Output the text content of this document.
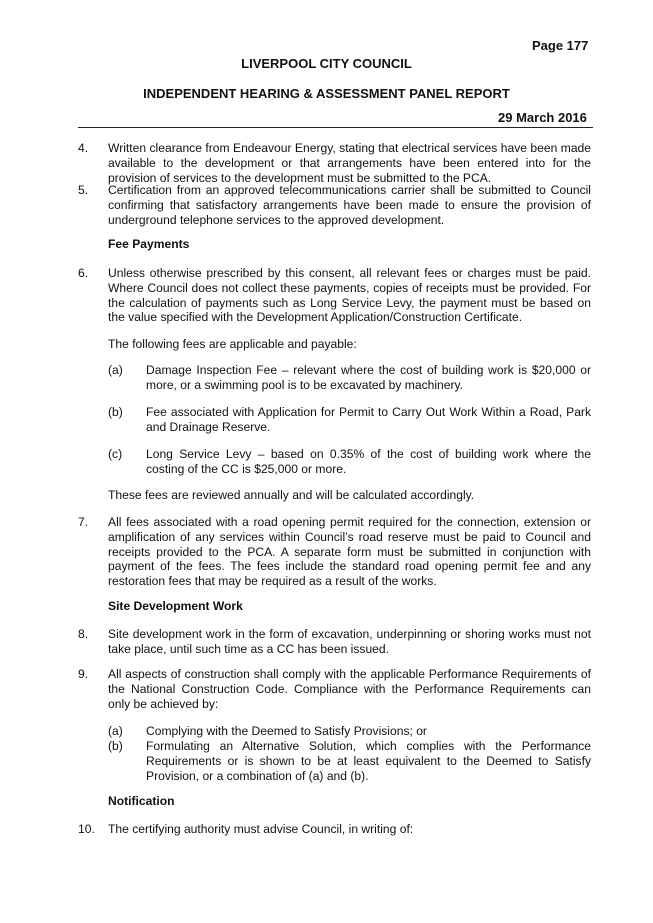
Page 177
LIVERPOOL CITY COUNCIL
INDEPENDENT HEARING & ASSESSMENT PANEL REPORT
29 March 2016
4. Written clearance from Endeavour Energy, stating that electrical services have been made available to the development or that arrangements have been entered into for the provision of services to the development must be submitted to the PCA.
5. Certification from an approved telecommunications carrier shall be submitted to Council confirming that satisfactory arrangements have been made to ensure the provision of underground telephone services to the approved development.
Fee Payments
6. Unless otherwise prescribed by this consent, all relevant fees or charges must be paid. Where Council does not collect these payments, copies of receipts must be provided. For the calculation of payments such as Long Service Levy, the payment must be based on the value specified with the Development Application/Construction Certificate.
The following fees are applicable and payable:
(a) Damage Inspection Fee – relevant where the cost of building work is $20,000 or more, or a swimming pool is to be excavated by machinery.
(b) Fee associated with Application for Permit to Carry Out Work Within a Road, Park and Drainage Reserve.
(c) Long Service Levy – based on 0.35% of the cost of building work where the costing of the CC is $25,000 or more.
These fees are reviewed annually and will be calculated accordingly.
7. All fees associated with a road opening permit required for the connection, extension or amplification of any services within Council’s road reserve must be paid to Council and receipts provided to the PCA. A separate form must be submitted in conjunction with payment of the fees. The fees include the standard road opening permit fee and any restoration fees that may be required as a result of the works.
Site Development Work
8. Site development work in the form of excavation, underpinning or shoring works must not take place, until such time as a CC has been issued.
9. All aspects of construction shall comply with the applicable Performance Requirements of the National Construction Code. Compliance with the Performance Requirements can only be achieved by:
(a) Complying with the Deemed to Satisfy Provisions; or
(b) Formulating an Alternative Solution, which complies with the Performance Requirements or is shown to be at least equivalent to the Deemed to Satisfy Provision, or a combination of (a) and (b).
Notification
10. The certifying authority must advise Council, in writing of:
